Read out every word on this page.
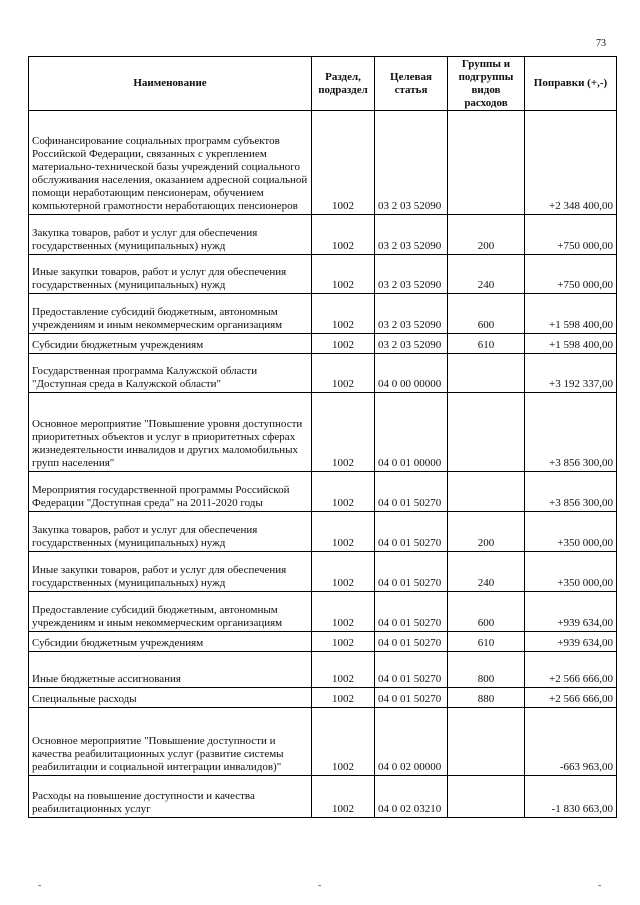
73
Наименование	Раздел, подраздел	Целевая статья	Группы и подгруппы видов расходов	Поправки (+,-)
Софинансирование социальных программ субъектов Российской Федерации, связанных с укреплением материально-технической базы учреждений социального обслуживания населения, оказанием адресной социальной помощи неработающим пенсионерам, обучением компьютерной грамотности неработающих пенсионеров	1002	03 2 03 52090		+2 348 400,00
Закупка товаров, работ и услуг для обеспечения государственных (муниципальных) нужд	1002	03 2 03 52090	200	+750 000,00
Иные закупки товаров, работ и услуг для обеспечения государственных (муниципальных) нужд	1002	03 2 03 52090	240	+750 000,00
Предоставление субсидий бюджетным, автономным учреждениям и иным некоммерческим организациям	1002	03 2 03 52090	600	+1 598 400,00
Субсидии бюджетным учреждениям	1002	03 2 03 52090	610	+1 598 400,00
Государственная программа Калужской области "Доступная среда в Калужской области"	1002	04 0 00 00000		+3 192 337,00
Основное мероприятие "Повышение уровня доступности приоритетных объектов и услуг в приоритетных сферах жизнедеятельности инвалидов и других маломобильных групп населения"	1002	04 0 01 00000		+3 856 300,00
Мероприятия государственной программы Российской Федерации "Доступная среда" на 2011-2020 годы	1002	04 0 01 50270		+3 856 300,00
Закупка товаров, работ и услуг для обеспечения государственных (муниципальных) нужд	1002	04 0 01 50270	200	+350 000,00
Иные закупки товаров, работ и услуг для обеспечения государственных (муниципальных) нужд	1002	04 0 01 50270	240	+350 000,00
Предоставление субсидий бюджетным, автономным учреждениям и иным некоммерческим организациям	1002	04 0 01 50270	600	+939 634,00
Субсидии бюджетным учреждениям	1002	04 0 01 50270	610	+939 634,00
Иные бюджетные ассигнования	1002	04 0 01 50270	800	+2 566 666,00
Специальные расходы	1002	04 0 01 50270	880	+2 566 666,00
Основное мероприятие "Повышение доступности и качества реабилитационных услуг (развитие системы реабилитации и социальной интеграции инвалидов)"	1002	04 0 02 00000		-663 963,00
Расходы на повышение доступности и качества реабилитационных услуг	1002	04 0 02 03210		-1 830 663,00
-	-	-
